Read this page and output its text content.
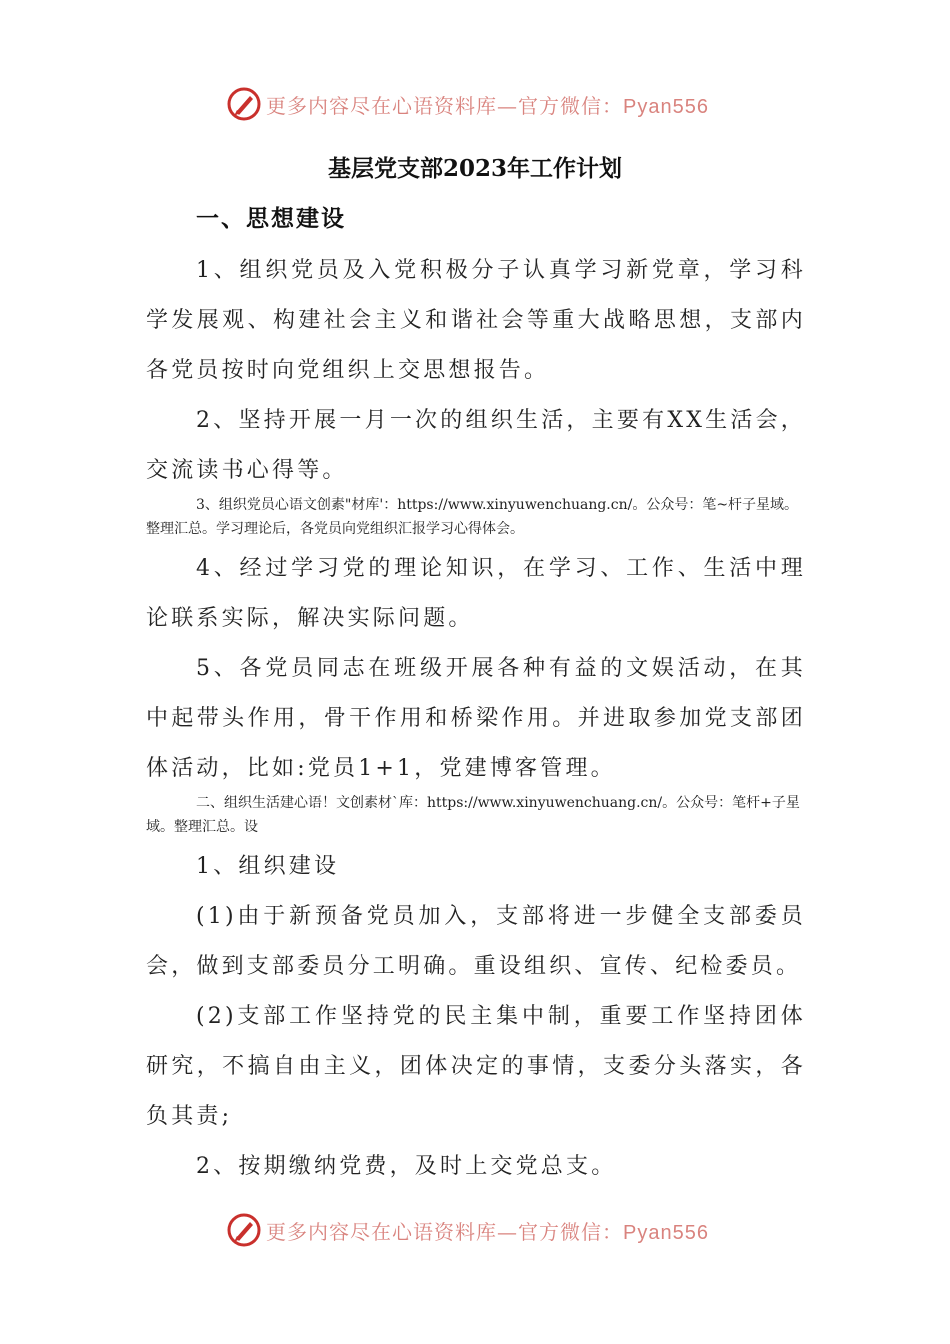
更多内容尽在心语资料库—官方微信：Pyan556
基层党支部2023年工作计划
一、思想建设
1、组织党员及入党积极分子认真学习新党章，学习科学发展观、构建社会主义和谐社会等重大战略思想，支部内各党员按时向党组织上交思想报告。
2、坚持开展一月一次的组织生活，主要有XX生活会，交流读书心得等。
3、组织党员心语文创素"材库'：https://www.xinyuwenchuang.cn/。公众号：笔~杆子星域。整理汇总。学习理论后，各党员向党组织汇报学习心得体会。
4、经过学习党的理论知识，在学习、工作、生活中理论联系实际，解决实际问题。
5、各党员同志在班级开展各种有益的文娱活动，在其中起带头作用，骨干作用和桥梁作用。并进取参加党支部团体活动，比如:党员1+1，党建博客管理。
二、组织生活建心语！文创素材`库：https://www.xinyuwenchuang.cn/。公众号：笔杆+子星域。整理汇总。设
1、组织建设
(1)由于新预备党员加入，支部将进一步健全支部委员会，做到支部委员分工明确。重设组织、宣传、纪检委员。
(2)支部工作坚持党的民主集中制，重要工作坚持团体研究，不搞自由主义，团体决定的事情，支委分头落实，各负其责;
2、按期缴纳党费，及时上交党总支。
更多内容尽在心语资料库—官方微信：Pyan556
